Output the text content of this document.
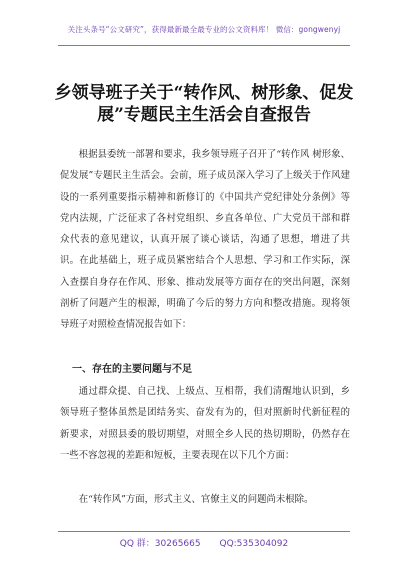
关注头条号“公文研究”，获得最新最全最专业的公文资料库！ 微信：gongwenyj
乡领导班子关于“转作风、树形象、促发展”专题民主生活会自查报告
根据县委统一部署和要求，我乡领导班子召开了“转作风 树形象、促发展”专题民主生活会。会前，班子成员深入学习了上级关于作风建设的一系列重要指示精神和新修订的《中国共产党纪律处分条例》等党内法规，广泛征求了各村党组织、乡直各单位、广大党员干部和群众代表的意见建议，认真开展了谈心谈话，沟通了思想，增进了共识。在此基础上，班子成员紧密结合个人思想、学习和工作实际，深入查摆自身存在作风、形象、推动发展等方面存在的突出问题，深刻剖析了问题产生的根源，明确了今后的努力方向和整改措施。现将领导班子对照检查情况报告如下：
一、存在的主要问题与不足
通过群众提、自己找、上级点、互相帮，我们清醒地认识到，乡领导班子整体虽然是团结务实、奋发有为的，但对照新时代新征程的新要求，对照县委的殷切期望，对照全乡人民的热切期盼，仍然存在一些不容忽视的差距和短板，主要表现在以下几个方面：
在“转作风”方面，形式主义、官僚主义的问题尚未根除。
QQ 群：30265665 QQ:535304092
